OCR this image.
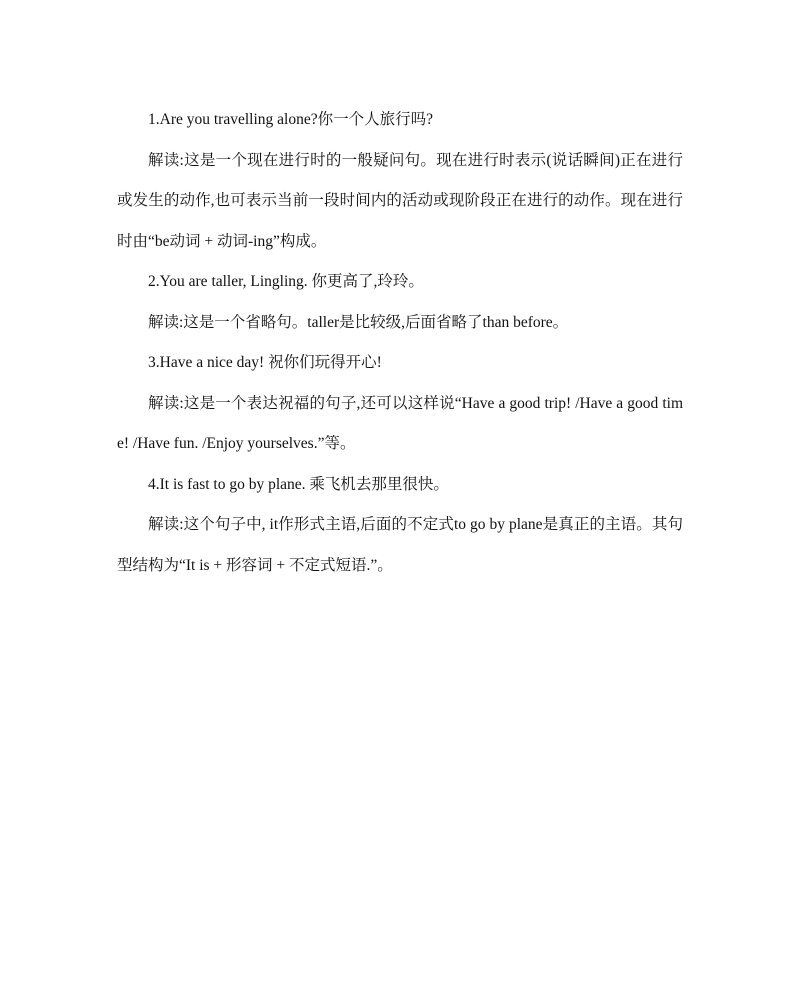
1.Are you travelling alone?你一个人旅行吗?

解读:这是一个现在进行时的一般疑问句。现在进行时表示(说话瞬间)正在进行或发生的动作,也可表示当前一段时间内的活动或现阶段正在进行的动作。现在进行时由“be动词 + 动词-ing”构成。

2.You are taller, Lingling. 你更高了,玲玲。

解读:这是一个省略句。taller是比较级,后面省略了than before。

3.Have a nice day! 祝你们玩得开心!

解读:这是一个表达祝福的句子,还可以这样说“Have a good trip! /Have a good time! /Have fun. /Enjoy yourselves.”等。

4.It is fast to go by plane. 乘飞机去那里很快。

解读:这个句子中, it作形式主语,后面的不定式to go by plane是真正的主语。其句型结构为“It is + 形容词 + 不定式短语.”。
